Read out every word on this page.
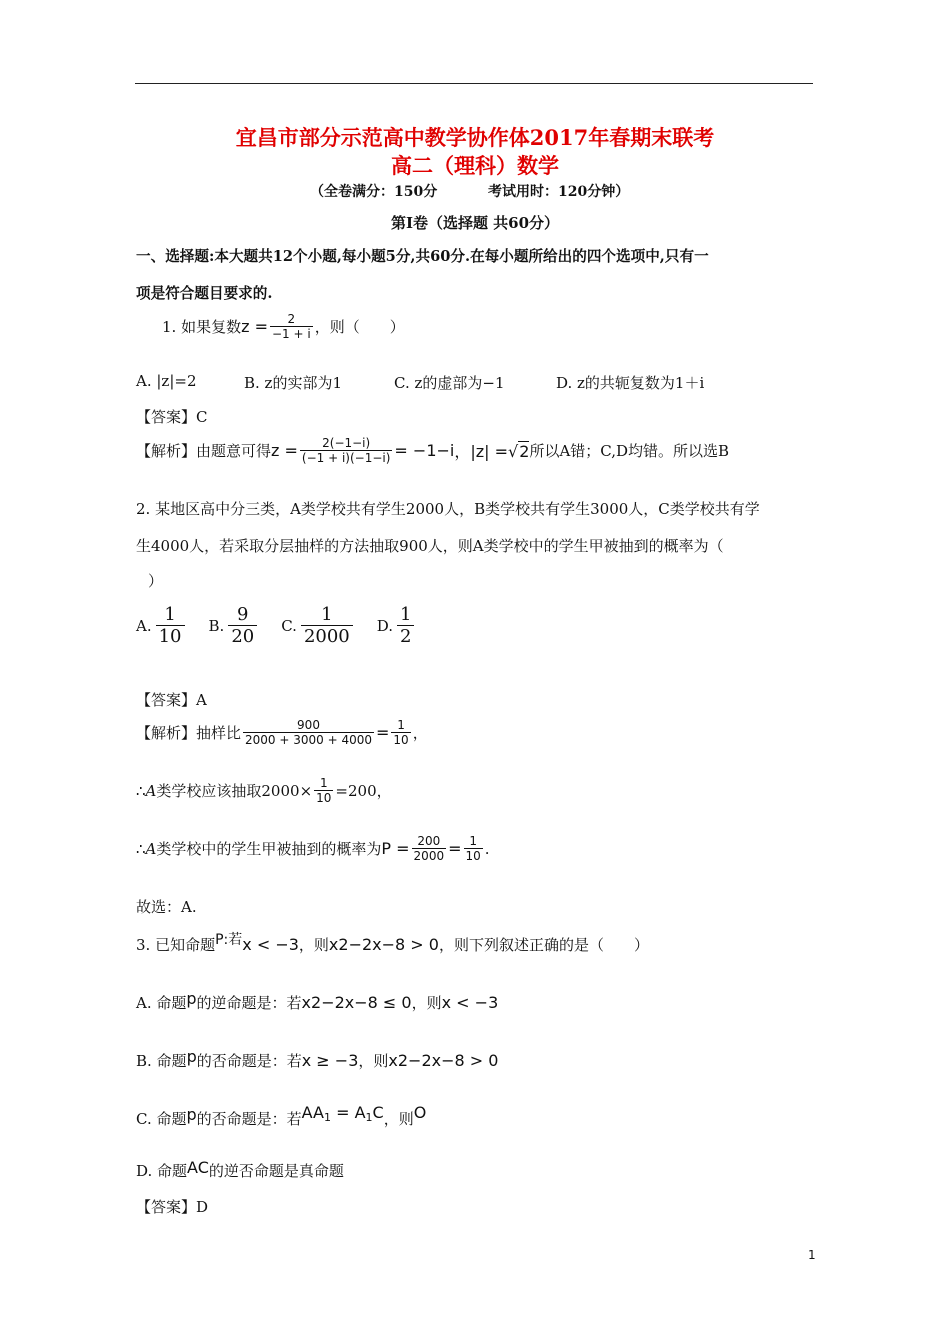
宜昌市部分示范高中教学协作体2017年春期末联考
高二（理科）数学
（全卷满分：150分	考试用时：120分钟）
第Ⅰ卷（选择题 共60分）
一、选择题:本大题共12个小题,每小题5分,共60分.在每小题所给出的四个选项中,只有一
项是符合题目要求的.
1. 如果复数 $z = \frac{2}{-1 + i}$ ，则（　　）
A. |z|=2	B. z的实部为1	C. z的虚部为−1	D. z的共轭复数为1＋i
【答案】C
【解析】由题意可得 $z = \frac{2(-1-i)}{(-1 + i)(-1-i)} = -1-i$ ，|z| = √2 所以A错；C,D均错。所以选B
2. 某地区高中分三类，A类学校共有学生2000人，B类学校共有学生3000人，C类学校共有学
生4000人，若采取分层抽样的方法抽取900人，则A类学校中的学生甲被抽到的概率为（
）
A. $\frac{1}{10} B$. $\frac{9}{20} C$. $\frac{1}{2000} D$. $\frac{1}{2}$
【答案】A
【解析】抽样比 $\frac{900}{2000 + 3000 + 4000} = \frac{1}{10}$ ，
∴ A 类学校应该抽取$2000\times \frac{1}{10} =200$，
∴ A 类学校中的学生甲被抽到的概率为 $P = \frac{200}{2000} = \frac{1}{10}$ .
故选：A.
3. 已知命题 P:若 x < −3 ，则 x 2 −2x−8 > 0 ，则下列叙述正确的是（　　）
A. 命题 p 的逆命题是：若 x 2 −2x−8 ≤ 0 ，则 x < −3
B. 命题 p 的否命题是：若 x ≥ −3 ，则 x 2 −2x−8 > 0
C. 命题 p 的否命题是：若 $AA_1 = A_1C$ ，则 O
D. 命题 AC 的逆否命题是真命题
【答案】D
1
